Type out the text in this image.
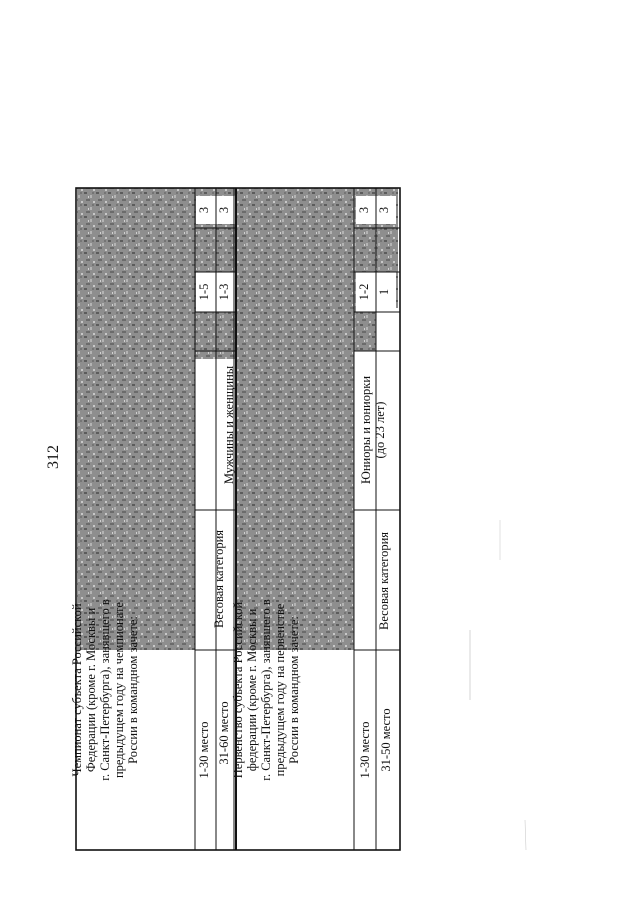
312
Чемпионат субъекта Российской
Федерации (кроме г. Москвы и
г. Санкт-Петербурга), занявшего в
предыдущем году на чемпионате
России в командном зачете:
1-30 место 31-60 место
Весовая категория
Мужчины и женщины
1-5 1-3
3 3
Первенство субъекта Российской
федерации (кроме г. Москвы и
г. Санкт-Петербурга), занявшего в
предыдущем году на первенстве
России в командном зачете:
1-30 место 31-50 место
Весовая категория
Юниоры и юниорки
(до 23 лет)
1-2 1
3 3
